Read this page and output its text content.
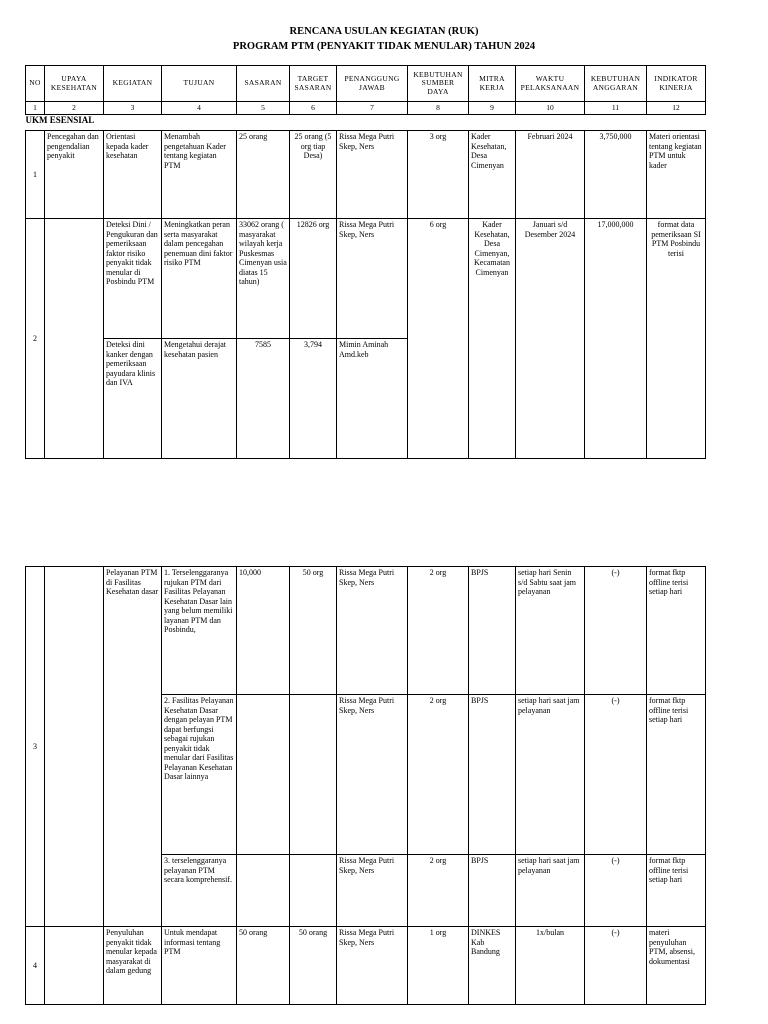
RENCANA USULAN KEGIATAN (RUK)
PROGRAM PTM (PENYAKIT TIDAK MENULAR) TAHUN 2024
NO	UPAYA KESEHATAN	KEGIATAN	TUJUAN	SASARAN	TARGET SASARAN	PENANGGUNG JAWAB	KEBUTUHAN SUMBER DAYA	MITRA KERJA	WAKTU PELAKSANAAN	KEBUTUHAN ANGGARAN	INDIKATOR KINERJA
1	2	3	4	5	6	7	8	9	10	11	12
UKM ESENSIAL											
1	Pencegahan dan pengendalian penyakit	Orientasi kepada kader kesehatan	Menambah pengetahuan Kader tentang kegiatan PTM	25 orang	25 orang (5 org tiap Desa)	Rissa Mega Putri Skep, Ners	3 org	Kader Kesehatan, Desa Cimenyan	Februari 2024	3,750,000	Materi orientasi tentang kegiatan PTM untuk kader
2		Deteksi Dini / Pengukuran dan pemeriksaan faktor risiko penyakit tidak menular di Posbindu PTM	Meningkatkan peran serta masyarakat dalam pencegahan penemuan dini faktor risiko PTM	33062 orang ( masyarakat wilayah kerja Puskesmas Cimenyan usia diatas 15 tahun)	12826 org	Rissa Mega Putri Skep, Ners	6 org	Kader Kesehatan, Desa Cimenyan, Kecamatan Cimenyan	Januari s/d Desember 2024	17,000,000	format data pemeriksaan SI PTM Posbindu terisi
		Deteksi dini kanker dengan pemeriksaan payudara klinis dan IVA	Mengetahui derajat kesehatan pasien	7585	3,794	Mimin Aminah Amd.keb					
3		Pelayanan PTM di Fasilitas Kesehatan dasar	1. Terselenggaranya rujukan PTM dari Fasilitas Pelayanan Kesehatan Dasar lain yang belum memiliki layanan PTM dan Posbindu,	10,000	50 org	Rissa Mega Putri Skep, Ners	2 org	BPJS	setiap hari Senin s/d Sabtu saat jam pelayanan	(-)	format fktp offline terisi setiap hari
			2. Fasilitas Pelayanan Kesehatan Dasar dengan pelayan PTM dapat berfungsi sebagai rujukan penyakit tidak menular dari Fasilitas Pelayanan Kesehatan Dasar lainnya			Rissa Mega Putri Skep, Ners	2 org	BPJS	setiap hari saat jam pelayanan	(-)	format fktp offline terisi setiap hari
			3. terselenggaranya pelayanan PTM secara komprehensif.			Rissa Mega Putri Skep, Ners	2 org	BPJS	setiap hari saat jam pelayanan	(-)	format fktp offline terisi setiap hari
4		Penyuluhan penyakit tidak menular kepada masyarakat di dalam gedung	Untuk mendapat informasi tentang PTM	50 orang	50 orang	Rissa Mega Putri Skep, Ners	1 org	DINKES Kab Bandung	1x/bulan	(-)	materi penyuluhan PTM, absensi, dokumentasi
